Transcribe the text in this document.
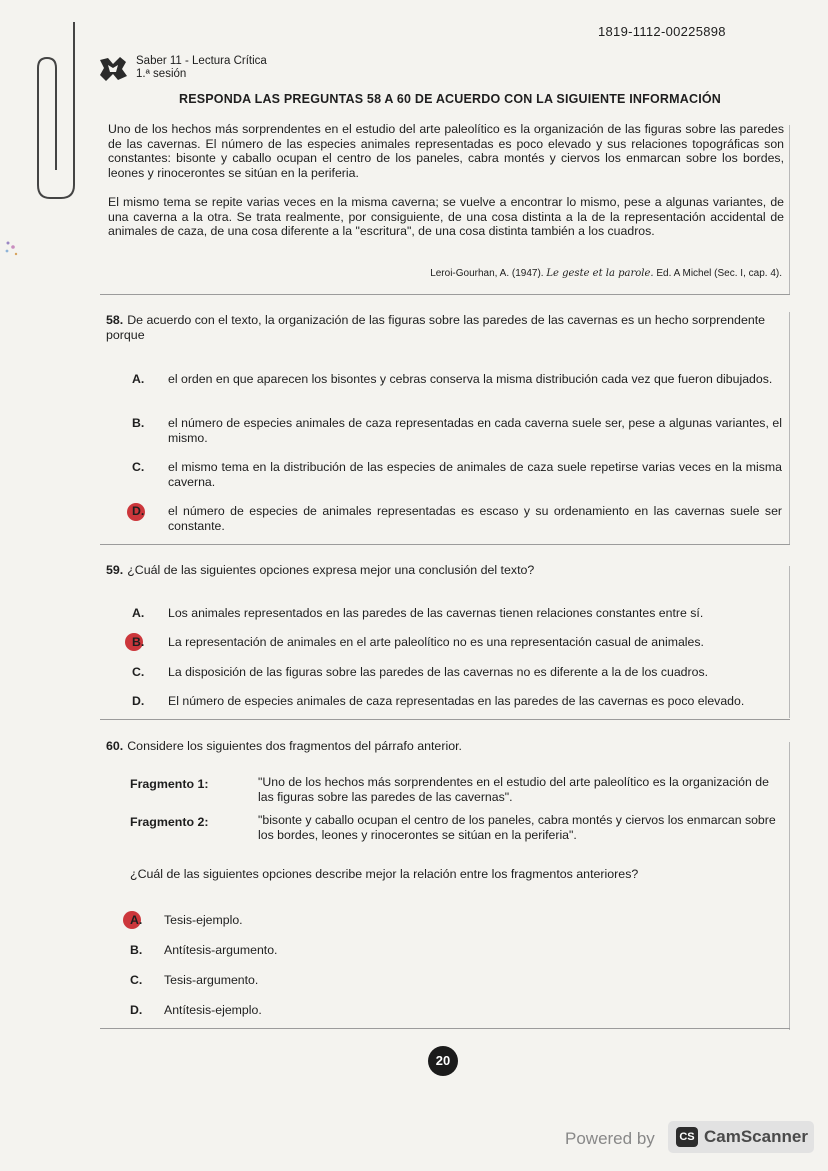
1819-1112-00225898
Saber 11 - Lectura Crítica
1.ª sesión
RESPONDA LAS PREGUNTAS 58 A 60 DE ACUERDO CON LA SIGUIENTE INFORMACIÓN
Uno de los hechos más sorprendentes en el estudio del arte paleolítico es la organización de las figuras sobre las paredes de las cavernas. El número de las especies animales representadas es poco elevado y sus relaciones topográficas son constantes: bisonte y caballo ocupan el centro de los paneles, cabra montés y ciervos los enmarcan sobre los bordes, leones y rinocerontes se sitúan en la periferia.
El mismo tema se repite varias veces en la misma caverna; se vuelve a encontrar lo mismo, pese a algunas variantes, de una caverna a la otra. Se trata realmente, por consiguiente, de una cosa distinta a la de la representación accidental de animales de caza, de una cosa diferente a la "escritura", de una cosa distinta también a los cuadros.
Leroi-Gourhan, A. (1947). Le geste et la parole. Ed. A Michel (Sec. I, cap. 4).
58. De acuerdo con el texto, la organización de las figuras sobre las paredes de las cavernas es un hecho sorprendente porque
A. el orden en que aparecen los bisontes y cebras conserva la misma distribución cada vez que fueron dibujados.
B. el número de especies animales de caza representadas en cada caverna suele ser, pese a algunas variantes, el mismo.
C. el mismo tema en la distribución de las especies de animales de caza suele repetirse varias veces en la misma caverna.
D. el número de especies de animales representadas es escaso y su ordenamiento en las cavernas suele ser constante.
59. ¿Cuál de las siguientes opciones expresa mejor una conclusión del texto?
A. Los animales representados en las paredes de las cavernas tienen relaciones constantes entre sí.
B. La representación de animales en el arte paleolítico no es una representación casual de animales.
C. La disposición de las figuras sobre las paredes de las cavernas no es diferente a la de los cuadros.
D. El número de especies animales de caza representadas en las paredes de las cavernas es poco elevado.
60. Considere los siguientes dos fragmentos del párrafo anterior.
Fragmento 1:	"Uno de los hechos más sorprendentes en el estudio del arte paleolítico es la organización de las figuras sobre las paredes de las cavernas".
Fragmento 2:	"bisonte y caballo ocupan el centro de los paneles, cabra montés y ciervos los enmarcan sobre los bordes, leones y rinocerontes se sitúan en la periferia".
¿Cuál de las siguientes opciones describe mejor la relación entre los fragmentos anteriores?
A. Tesis-ejemplo.
B. Antítesis-argumento.
C. Tesis-argumento.
D. Antítesis-ejemplo.
20
Powered by	CS CamScanner
